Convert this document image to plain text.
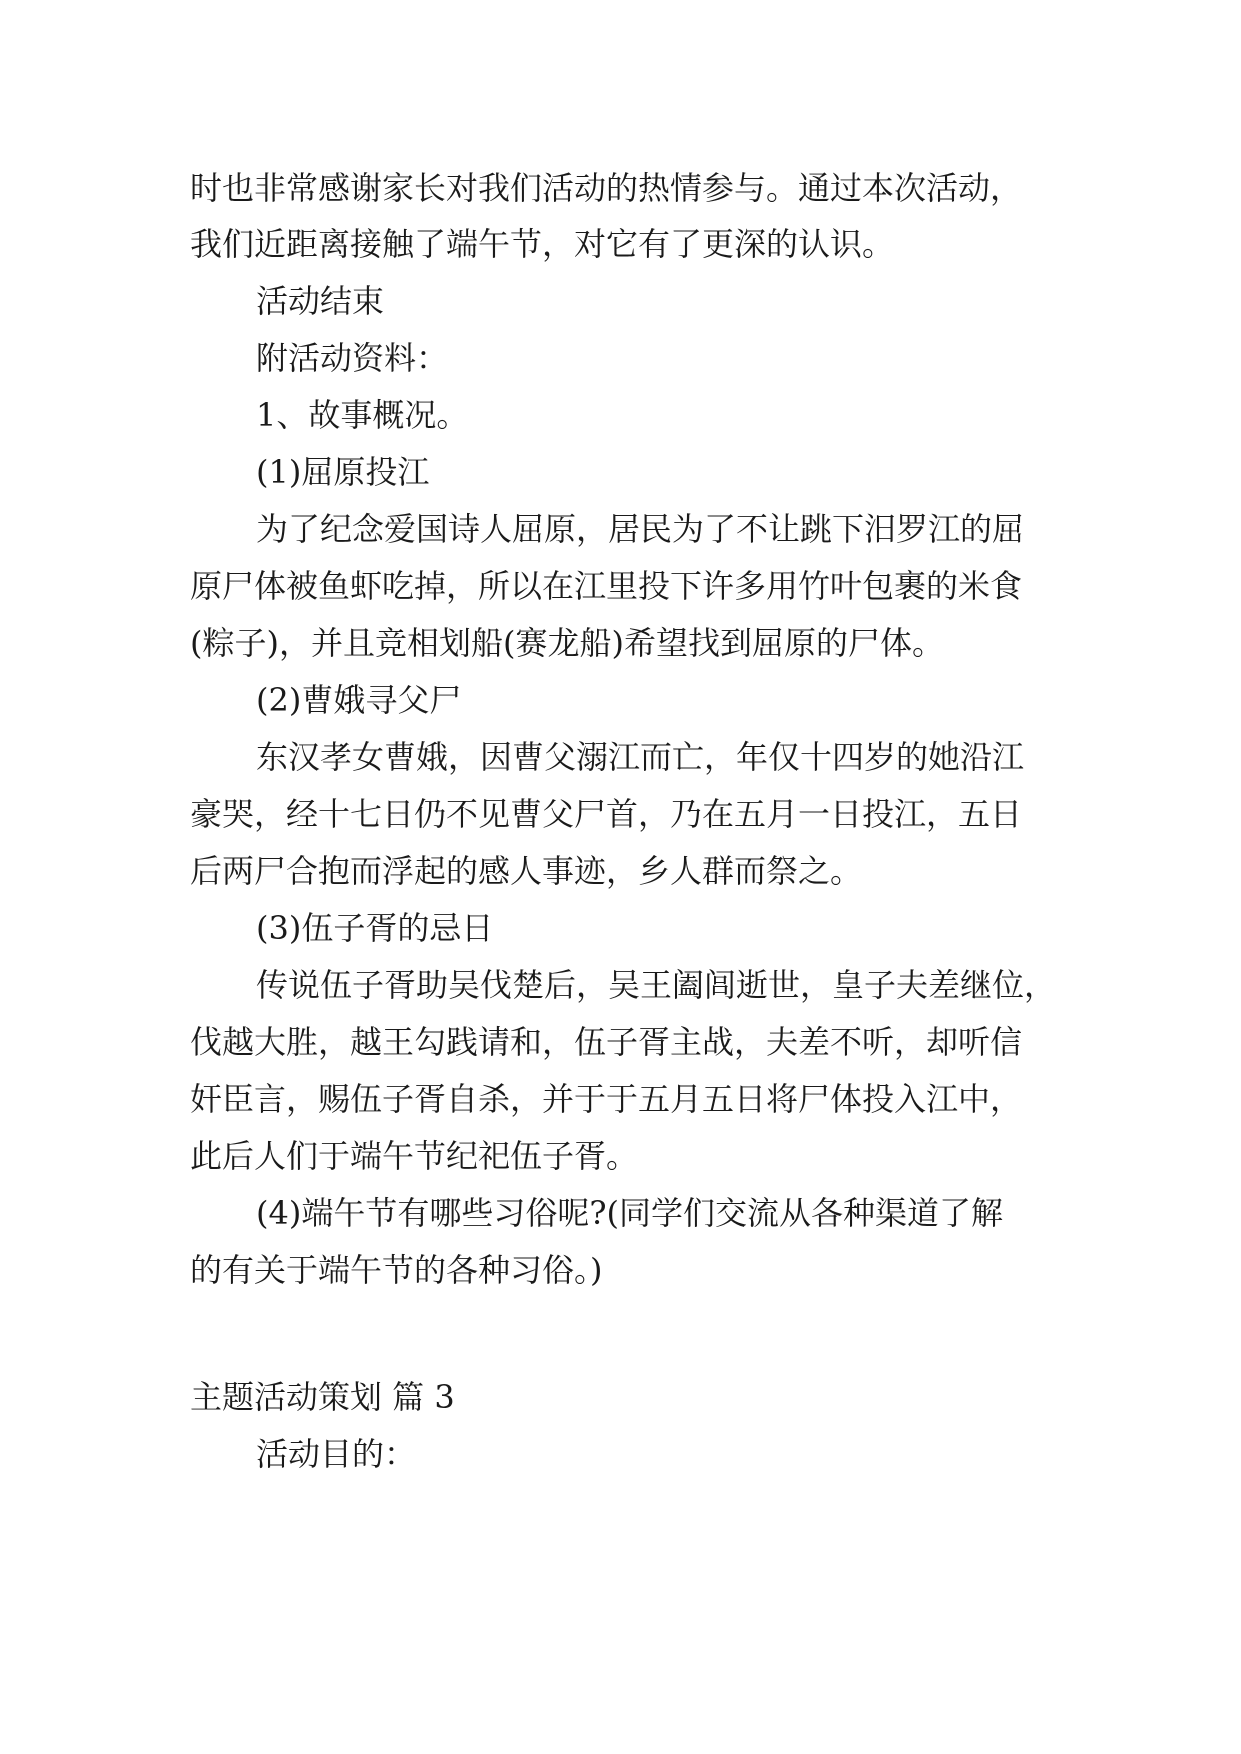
时也非常感谢家长对我们活动的热情参与。通过本次活动，
我们近距离接触了端午节，对它有了更深的认识。
活动结束
附活动资料：
1、故事概况。
(1)屈原投江
为了纪念爱国诗人屈原，居民为了不让跳下汨罗江的屈
原尸体被鱼虾吃掉，所以在江里投下许多用竹叶包裹的米食
(粽子)，并且竞相划船(赛龙船)希望找到屈原的尸体。
(2)曹娥寻父尸
东汉孝女曹娥，因曹父溺江而亡，年仅十四岁的她沿江
豪哭，经十七日仍不见曹父尸首，乃在五月一日投江，五日
后两尸合抱而浮起的感人事迹，乡人群而祭之。
(3)伍子胥的忌日
传说伍子胥助吴伐楚后，吴王阖闾逝世，皇子夫差继位，
伐越大胜，越王勾践请和，伍子胥主战，夫差不听，却听信
奸臣言，赐伍子胥自杀，并于于五月五日将尸体投入江中，
此后人们于端午节纪祀伍子胥。
(4)端午节有哪些习俗呢?(同学们交流从各种渠道了解
的有关于端午节的各种习俗。)
主题活动策划 篇 3
活动目的：
